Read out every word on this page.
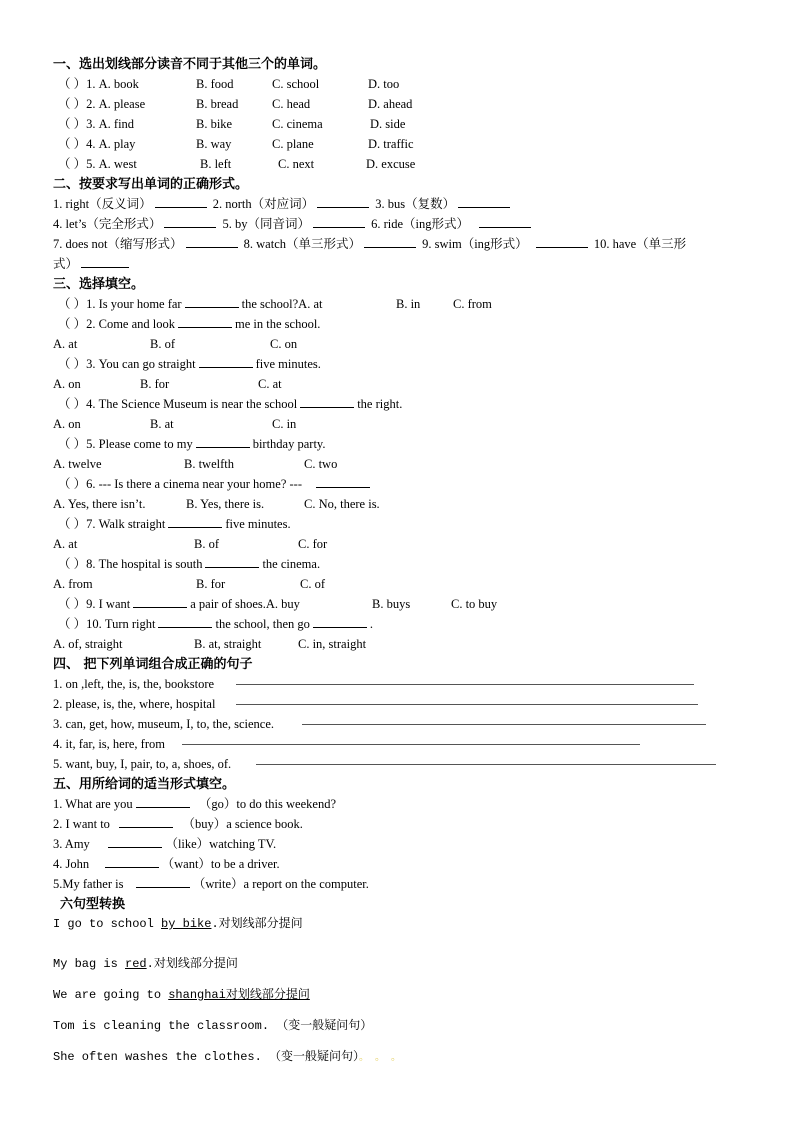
一、选出划线部分读音不同于其他三个的单词。
（ ）1. A. book	B. food	C. school	D. too
（ ）2. A. please	B. bread	C. head	D. ahead
（ ）3. A. find	B. bike	C. cinema	D. side
（ ）4. A. play	B. way	C. plane	D. traffic
（ ）5. A. west	B. left	C. next	D. excuse
二、按要求写出单词的正确形式。
1. right（反义词）	2. north（对应词）	3. bus（复数）
4. let’s（完全形式）	5. by（同音词）	6. ride（ing形式）
7. does not（缩写形式）	8. watch（单三形式）	9. swim（ing形式）	10. have（单三形
式）
三、选择填空。
（ ）1. Is your home far	the school?A. at	B. in	C. from
（ ）2. Come and look	me in the school.
A. at	B. of	C. on
（ ）3. You can go straight	five minutes.
A. on	B. for	C. at
（ ）4. The Science Museum is near the school	the right.
A. on	B. at	C. in
（ ）5. Please come to my	birthday party.
A. twelve	B. twelfth	C. two
（ ）6. --- Is there a cinema near your home? ---
A. Yes, there isn’t.	B. Yes, there is.	C. No, there is.
（ ）7. Walk straight	five minutes.
A. at	B. of	C. for
（ ）8. The hospital is south	the cinema.
A. from	B. for	C. of
（ ）9. I want	a pair of shoes.A. buy	B. buys	C. to buy
（ ）10. Turn right	the school, then go	.
A. of, straight	B. at, straight	C. in, straight
四、 把下列单词组合成正确的句子
1. on ,left, the, is, the, bookstore
2. please, is, the, where, hospital
3. can, get, how, museum, I, to, the, science.
4. it, far, is, here, from
5. want, buy, I, pair, to, a, shoes, of.
五、用所给词的适当形式填空。
1. What are you	（go）to do this weekend?
2. I want to	（buy）a science book.
3. Amy	（like）watching TV.
4. John	（want）to be a driver.
5.My father is	（write）a report on the computer.
六句型转换
I go to school by bike.对划线部分提问
My bag is red.对划线部分提问
We are going to shanghai对划线部分提问
Tom is cleaning the classroom. （变一般疑问句）
She often washes the clothes. （变一般疑问句）。 。 。
